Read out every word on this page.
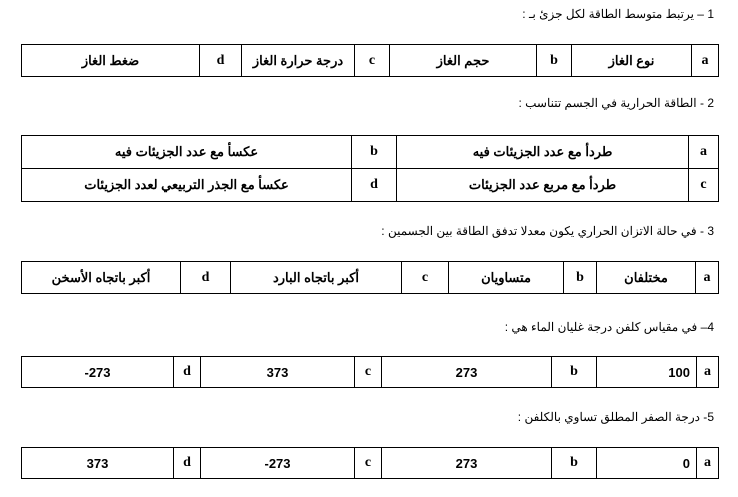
1 – يرتبط متوسط الطاقة لكل جزئ بـ :
ضغط الغاز	d	درجة حرارة الغاز	c	حجم الغاز	b	نوع الغاز	a
2 - الطاقة الحرارية في الجسم تتناسب :
عكسأ مع عدد الجزيئات فيه	b	طردأ مع عدد الجزيئات فيه	a
عكسأ مع الجذر التربيعي لعدد الجزيئات	d	طردأ مع مربع عدد الجزيئات	c
3 - في حالة الاتزان الحراري يكون معدلا تدفق الطاقة بين الجسمين :
أكبر باتجاه الأسخن	d	أكبر باتجاه البارد	c	متساويان	b	مختلفان	a
4– في مقياس كلفن درجة غليان الماء هي :
-273	d	373	c	273	b	100	a
5- درجة الصفر المطلق تساوي بالكلفن :
373	d	-273	c	273	b	0	a
